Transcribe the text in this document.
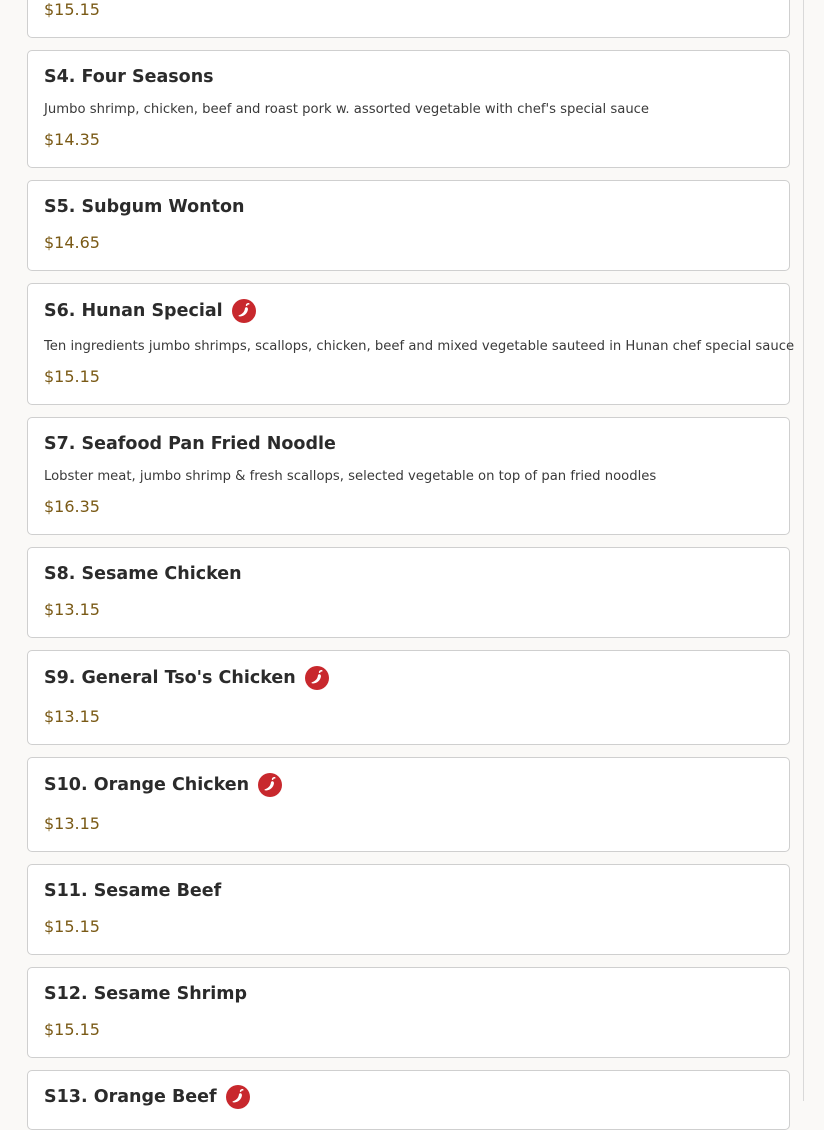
$15.15
S4. Four Seasons
Jumbo shrimp, chicken, beef and roast pork w. assorted vegetable with chef's special sauce
$14.35
S5. Subgum Wonton
$14.65
S6. Hunan Special
Ten ingredients jumbo shrimps, scallops, chicken, beef and mixed vegetable sauteed in Hunan chef special sauce
$15.15
S7. Seafood Pan Fried Noodle
Lobster meat, jumbo shrimp & fresh scallops, selected vegetable on top of pan fried noodles
$16.35
S8. Sesame Chicken
$13.15
S9. General Tso's Chicken
$13.15
S10. Orange Chicken
$13.15
S11. Sesame Beef
$15.15
S12. Sesame Shrimp
$15.15
S13. Orange Beef
